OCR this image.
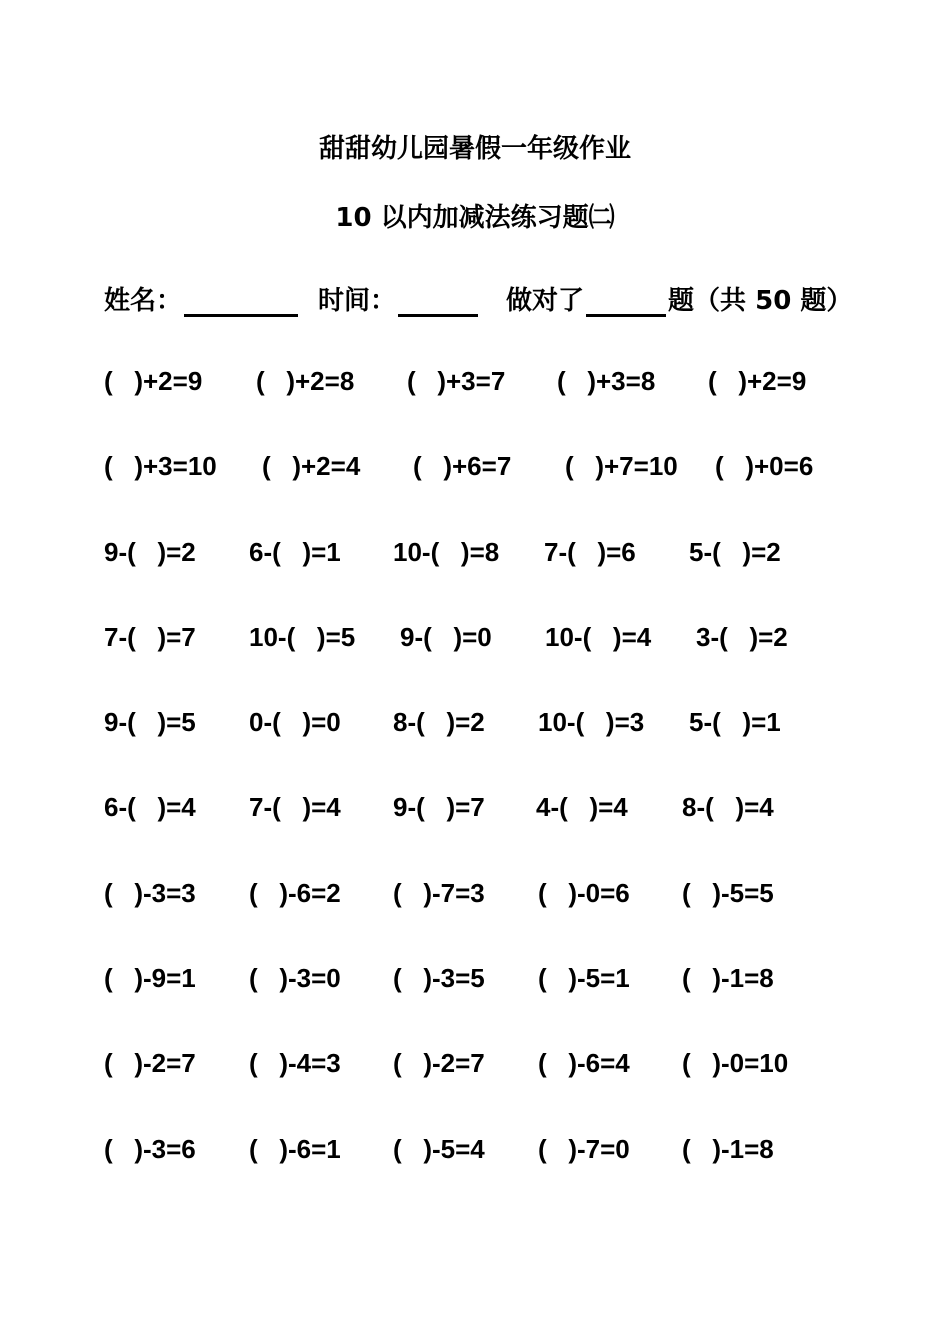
甜甜幼儿园暑假一年级作业
10 以内加减法练习题㈡
姓名：	时间：	做对了	题（共 50 题）
(   )+2=9 (   )+2=8 (   )+3=7 (   )+3=8 (   )+2=9
(   )+3=10 (   )+2=4 (   )+6=7 (   )+7=10 (   )+0=6
9-(   )=2 6-(   )=1 10-(   )=8 7-(   )=6 5-(   )=2
7-(   )=7 10-(   )=5 9-(   )=0 10-(   )=4 3-(   )=2
9-(   )=5 0-(   )=0 8-(   )=2 10-(   )=3 5-(   )=1
6-(   )=4 7-(   )=4 9-(   )=7 4-(   )=4 8-(   )=4
(   )-3=3 (   )-6=2 (   )-7=3 (   )-0=6 (   )-5=5
(   )-9=1 (   )-3=0 (   )-3=5 (   )-5=1 (   )-1=8
(   )-2=7 (   )-4=3 (   )-2=7 (   )-6=4 (   )-0=10
(   )-3=6 (   )-6=1 (   )-5=4 (   )-7=0 (   )-1=8
